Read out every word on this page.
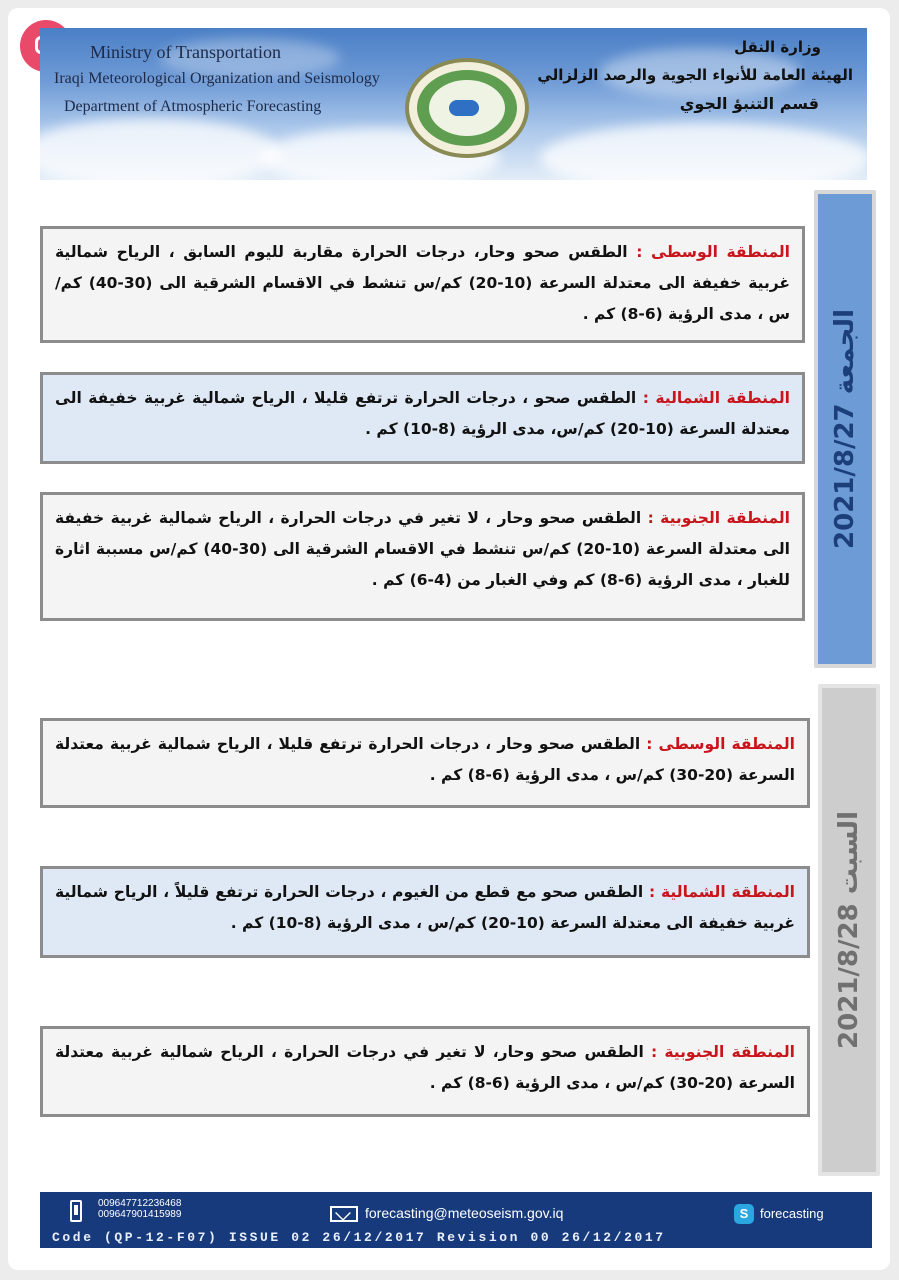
Ministry of Transportation
Iraqi Meteorological Organization and Seismology
Department of Atmospheric Forecasting
وزارة النقل
الهيئة العامة للأنواء الجوية والرصد الزلزالي
قسم التنبؤ الجوي
المنطقة الوسطى : الطقس صحو وحار، درجات الحرارة مقاربة لليوم السابق ، الرياح شمالية غربية خفيفة الى معتدلة السرعة (10-20) كم/س تنشط في الاقسام الشرقية الى (30-40) كم/س ، مدى الرؤية (6-8) كم .
المنطقة الشمالية : الطقس صحو ، درجات الحرارة ترتفع قليلا ، الرياح شمالية غربية خفيفة الى معتدلة السرعة (10-20) كم/س، مدى الرؤية (8-10) كم .
المنطقة الجنوبية : الطقس صحو وحار ، لا تغير في درجات الحرارة ، الرياح شمالية غربية خفيفة الى معتدلة السرعة (10-20) كم/س تنشط في الاقسام الشرقية الى (30-40) كم/س مسببة اثارة للغبار ، مدى الرؤية (6-8) كم وفي الغبار من (4-6) كم .
الجمعة 2021/8/27
المنطقة الوسطى : الطقس صحو وحار ، درجات الحرارة ترتفع قليلا ، الرياح شمالية غربية معتدلة السرعة (20-30) كم/س ، مدى الرؤية (6-8) كم .
المنطقة الشمالية : الطقس صحو مع قطع من الغيوم ، درجات الحرارة ترتفع قليلاً ، الرياح شمالية غربية خفيفة الى معتدلة السرعة (10-20) كم/س ، مدى الرؤية (8-10) كم .
المنطقة الجنوبية : الطقس صحو وحار، لا تغير في درجات الحرارة ، الرياح شمالية غربية معتدلة السرعة (20-30) كم/س ، مدى الرؤية (6-8) كم .
السبت 2021/8/28
009647712236468
009647901415989	forecasting@meteoseism.gov.iq	S forecasting
Code (QP-12-F07) ISSUE 02 26/12/2017 Revision 00 26/12/2017
